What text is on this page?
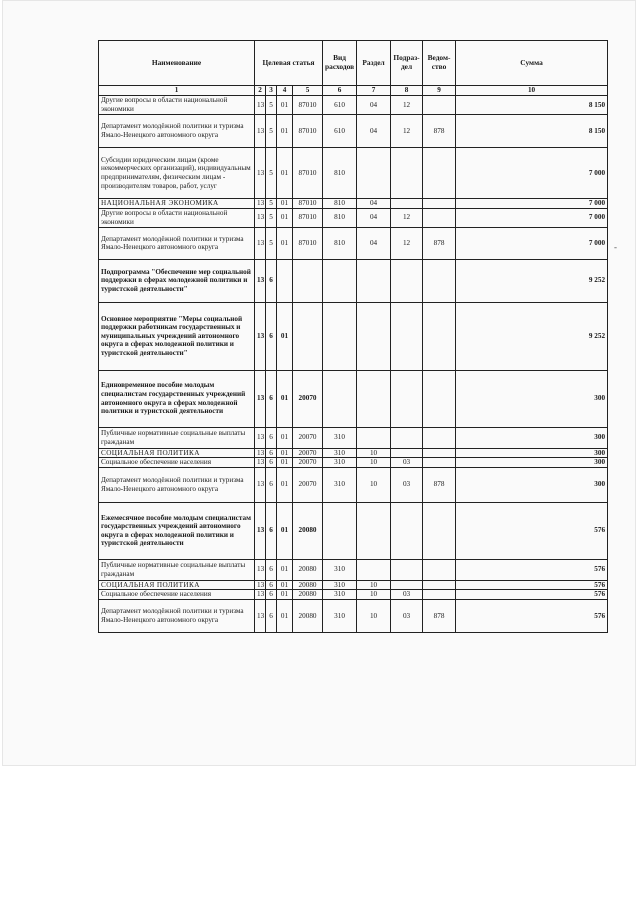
Наименование	Целевая статья				Вид расходов	Раздел	Подраз-дел	Ведом-ство	Сумма
1	2	3	4	5	6	7	8	9	10
Другие вопросы в области национальной экономики	13	5	01	87010	610	04	12		8 150
Департамент молодёжной политики и туризма Ямало-Ненецкого автономного округа	13	5	01	87010	610	04	12	878	8 150
Субсидии юридическим лицам (кроме некоммерческих организаций), индивидуальным предпринимателям, физическим лицам - производителям товаров, работ, услуг	13	5	01	87010	810				7 000
НАЦИОНАЛЬНАЯ ЭКОНОМИКА	13	5	01	87010	810	04			7 000
Другие вопросы в области национальной экономики	13	5	01	87010	810	04	12		7 000
Департамент молодёжной политики и туризма Ямало-Ненецкого автономного округа	13	5	01	87010	810	04	12	878	7 000
Подпрограмма "Обеспечение мер социальной поддержки в сферах молодежной политики и туристской деятельности"	13	6							9 252
Основное мероприятие "Меры социальной поддержки работникам государственных и муниципальных учреждений автономного округа в сферах молодежной политики и туристской деятельности"	13	6	01						9 252
Единовременное пособие молодым специалистам государственных учреждений автономного округа в сферах молодежной политики и туристской деятельности	13	6	01	20070					300
Публичные нормативные социальные выплаты гражданам	13	6	01	20070	310				300
СОЦИАЛЬНАЯ ПОЛИТИКА	13	6	01	20070	310	10			300
Социальное обеспечение населения	13	6	01	20070	310	10	03		300
Департамент молодёжной политики и туризма Ямало-Ненецкого автономного округа	13	6	01	20070	310	10	03	878	300
Ежемесячное пособие молодым специалистам государственных учреждений автономного округа в сферах молодежной политики и туристской деятельности	13	6	01	20080					576
Публичные нормативные социальные выплаты гражданам	13	6	01	20080	310				576
СОЦИАЛЬНАЯ ПОЛИТИКА	13	6	01	20080	310	10			576
Социальное обеспечение населения	13	6	01	20080	310	10	03		576
Департамент молодёжной политики и туризма Ямало-Ненецкого автономного округа	13	6	01	20080	310	10	03	878	576
-
